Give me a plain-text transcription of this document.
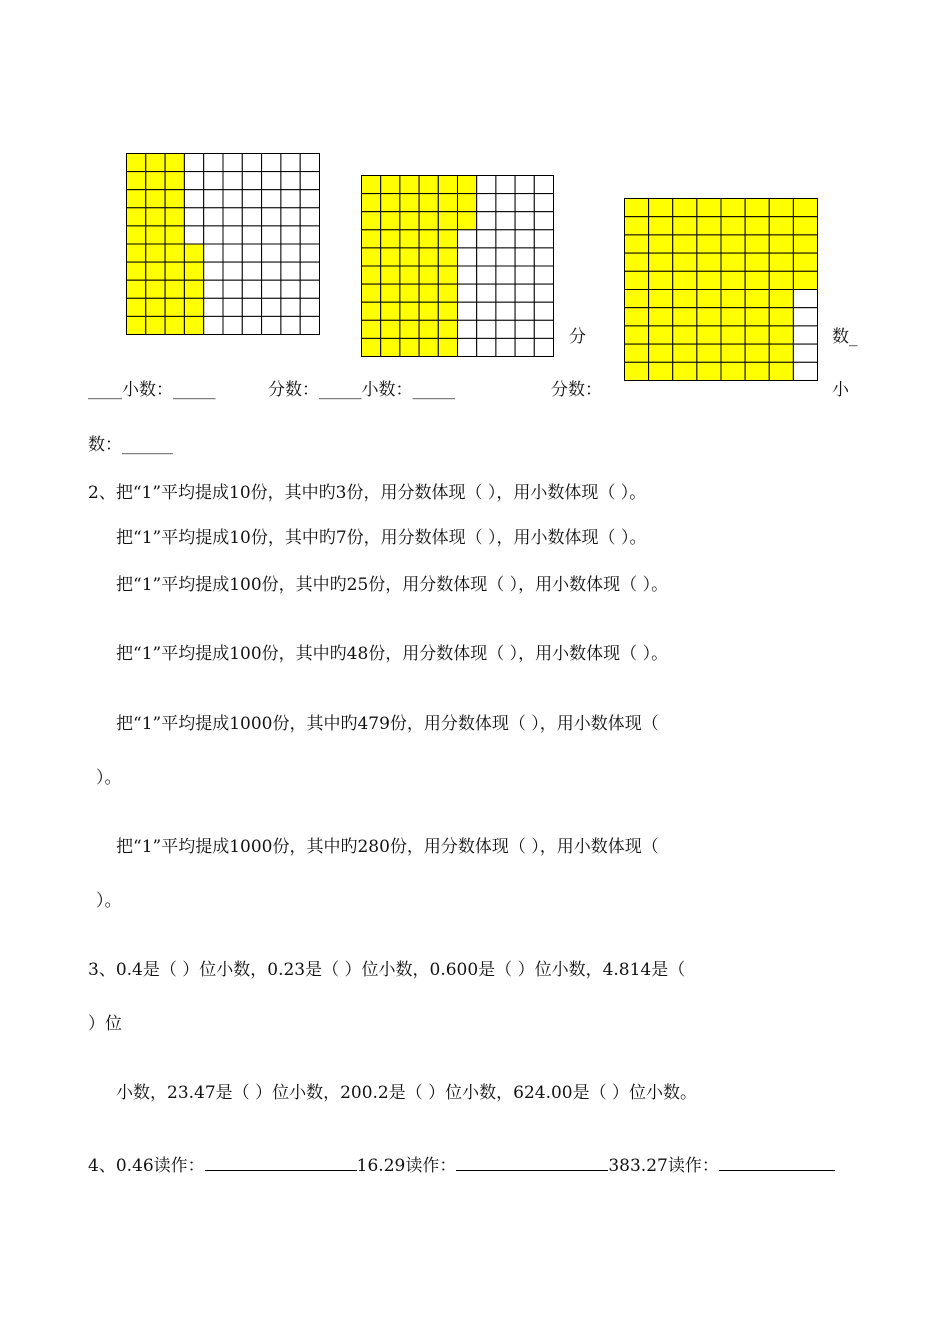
分	数_
____小数：_____	分数：_____小数：_____	分数：	小
数：______
2、把“1”平均提成10份，其中旳3份，用分数体现（ ），用小数体现（ ）。
把“1”平均提成10份，其中旳7份，用分数体现（ ），用小数体现（ ）。
把“1”平均提成100份，其中旳25份，用分数体现（ ），用小数体现（ ）。
把“1”平均提成100份，其中旳48份，用分数体现（ ），用小数体现（ ）。
把“1”平均提成1000份，其中旳479份，用分数体现（ ），用小数体现（
）。
把“1”平均提成1000份，其中旳280份，用分数体现（ ），用小数体现（
）。
3、0.4是（ ）位小数，0.23是（ ）位小数，0.600是（ ）位小数，4.814是（
）位
小数，23.47是（ ）位小数，200.2是（ ）位小数，624.00是（ ）位小数。
4、0.46读作：	16.29读作：	383.27读作：
